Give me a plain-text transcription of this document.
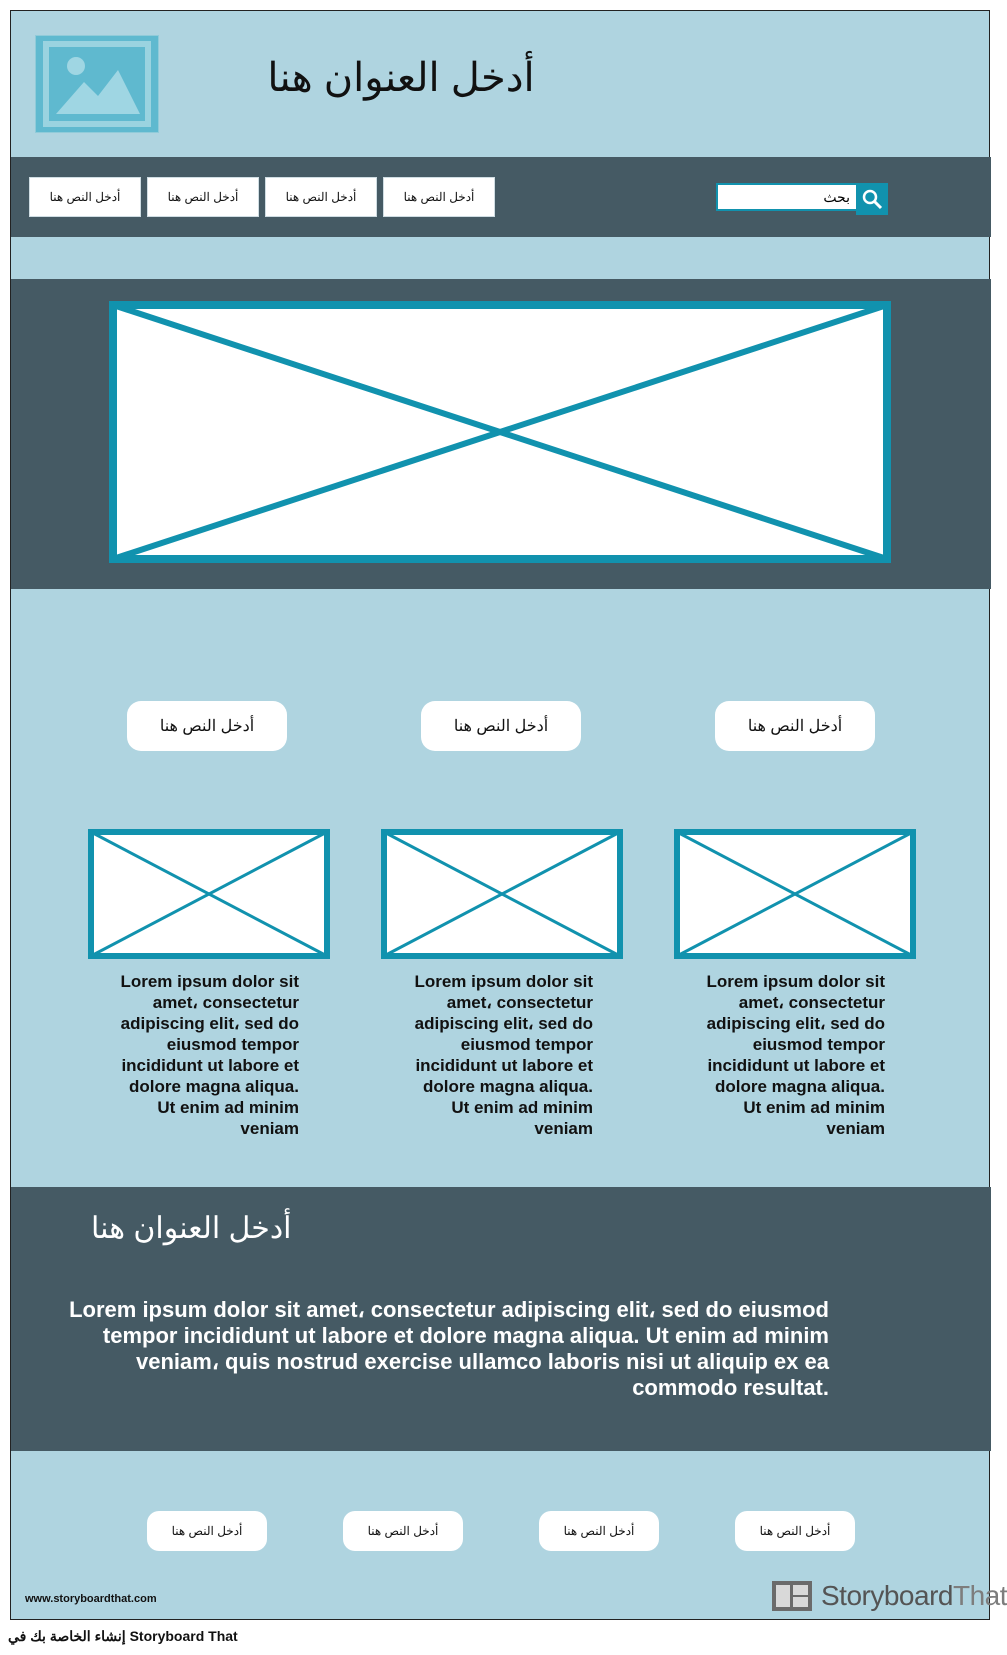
أدخل العنوان هنا
أدخل النص هنا	أدخل النص هنا	أدخل النص هنا	أدخل النص هنا
بحث
أدخل النص هنا	أدخل النص هنا	أدخل النص هنا
Lorem ipsum dolor sit amet، consectetur adipiscing elit، sed do eiusmod tempor incididunt ut labore et dolore magna aliqua. Ut enim ad minim veniam
Lorem ipsum dolor sit amet، consectetur adipiscing elit، sed do eiusmod tempor incididunt ut labore et dolore magna aliqua. Ut enim ad minim veniam
Lorem ipsum dolor sit amet، consectetur adipiscing elit، sed do eiusmod tempor incididunt ut labore et dolore magna aliqua. Ut enim ad minim veniam
أدخل العنوان هنا
Lorem ipsum dolor sit amet، consectetur adipiscing elit، sed do eiusmod tempor incididunt ut labore et dolore magna aliqua. Ut enim ad minim veniam، quis nostrud exercise ullamco laboris nisi ut aliquip ex ea commodo resultat.
أدخل النص هنا	أدخل النص هنا	أدخل النص هنا	أدخل النص هنا
www.storyboardthat.com	StoryboardThat
إنشاء الخاصة بك في Storyboard That
